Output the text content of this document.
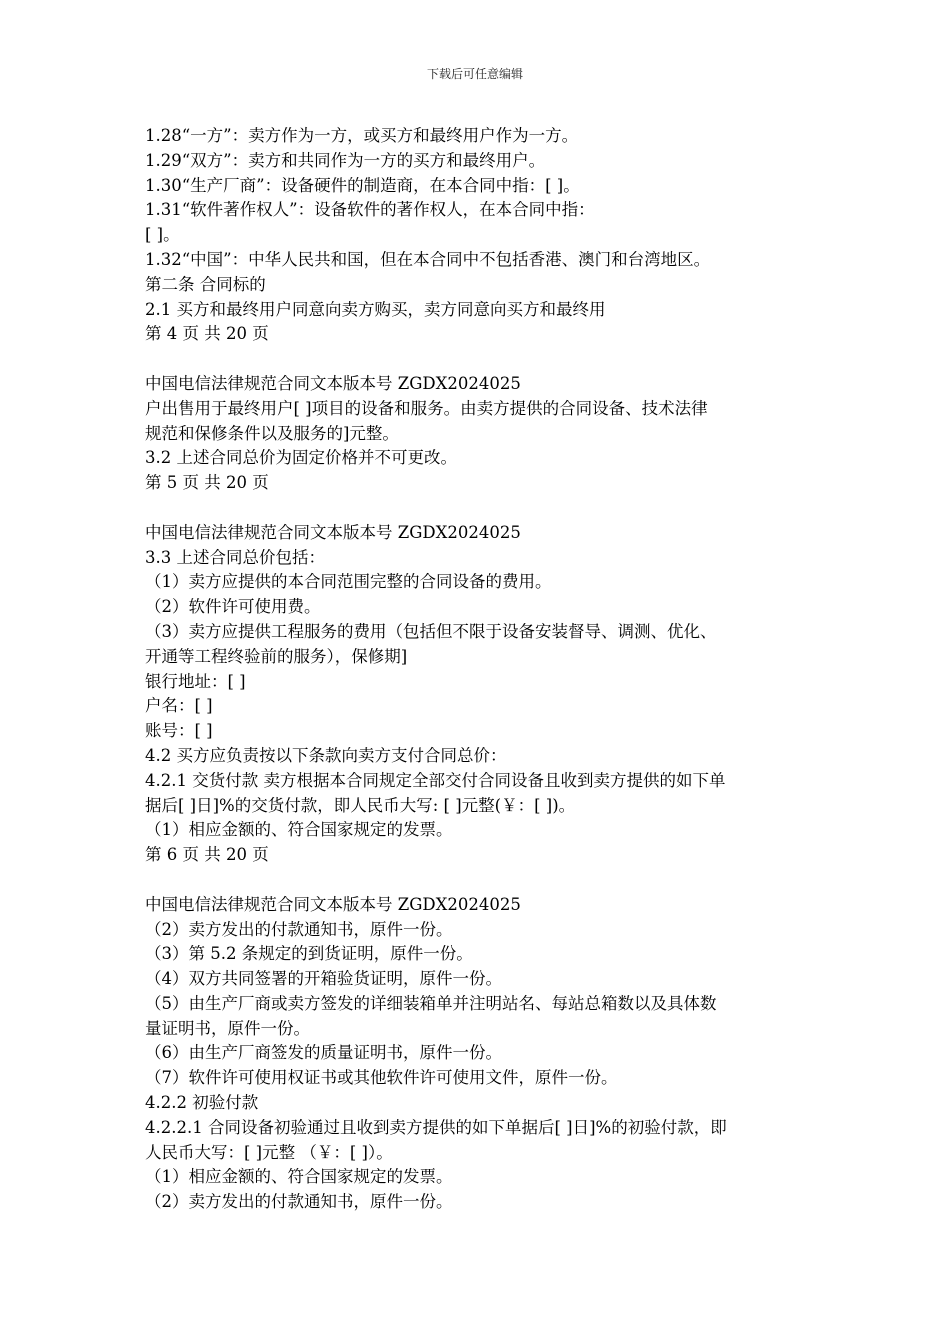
下载后可任意编辑
1.28“一方”：卖方作为一方，或买方和最终用户作为一方。
1.29“双方”：卖方和共同作为一方的买方和最终用户。
1.30“生产厂商”：设备硬件的制造商，在本合同中指：[ ]。
1.31“软件著作权人”：设备软件的著作权人，在本合同中指：
[ ]。
1.32“中国”：中华人民共和国，但在本合同中不包括香港、澳门和台湾地区。
第二条 合同标的
2.1 买方和最终用户同意向卖方购买，卖方同意向买方和最终用
第 4 页 共 20 页
中国电信法律规范合同文本版本号 ZGDX2024025
户出售用于最终用户[ ]项目的设备和服务。由卖方提供的合同设备、技术法律
规范和保修条件以及服务的]元整。
3.2 上述合同总价为固定价格并不可更改。
第 5 页 共 20 页
中国电信法律规范合同文本版本号 ZGDX2024025
3.3 上述合同总价包括：
（1）卖方应提供的本合同范围完整的合同设备的费用。
（2）软件许可使用费。
（3）卖方应提供工程服务的费用（包括但不限于设备安装督导、调测、优化、
开通等工程终验前的服务），保修期]
银行地址：[ ]
户名：[ ]
账号：[ ]
4.2 买方应负责按以下条款向卖方支付合同总价：
4.2.1 交货付款 卖方根据本合同规定全部交付合同设备且收到卖方提供的如下单
据后[ ]日]%的交货付款，即人民币大写: [ ]元整(￥：[ ])。
（1）相应金额的、符合国家规定的发票。
第 6 页 共 20 页
中国电信法律规范合同文本版本号 ZGDX2024025
（2）卖方发出的付款通知书，原件一份。
（3）第 5.2 条规定的到货证明，原件一份。
（4）双方共同签署的开箱验货证明，原件一份。
（5）由生产厂商或卖方签发的详细装箱单并注明站名、每站总箱数以及具体数
量证明书，原件一份。
（6）由生产厂商签发的质量证明书，原件一份。
（7）软件许可使用权证书或其他软件许可使用文件，原件一份。
4.2.2 初验付款
4.2.2.1 合同设备初验通过且收到卖方提供的如下单据后[ ]日]%的初验付款，即
人民币大写：[ ]元整 （￥：[ ]）。
（1）相应金额的、符合国家规定的发票。
（2）卖方发出的付款通知书，原件一份。
